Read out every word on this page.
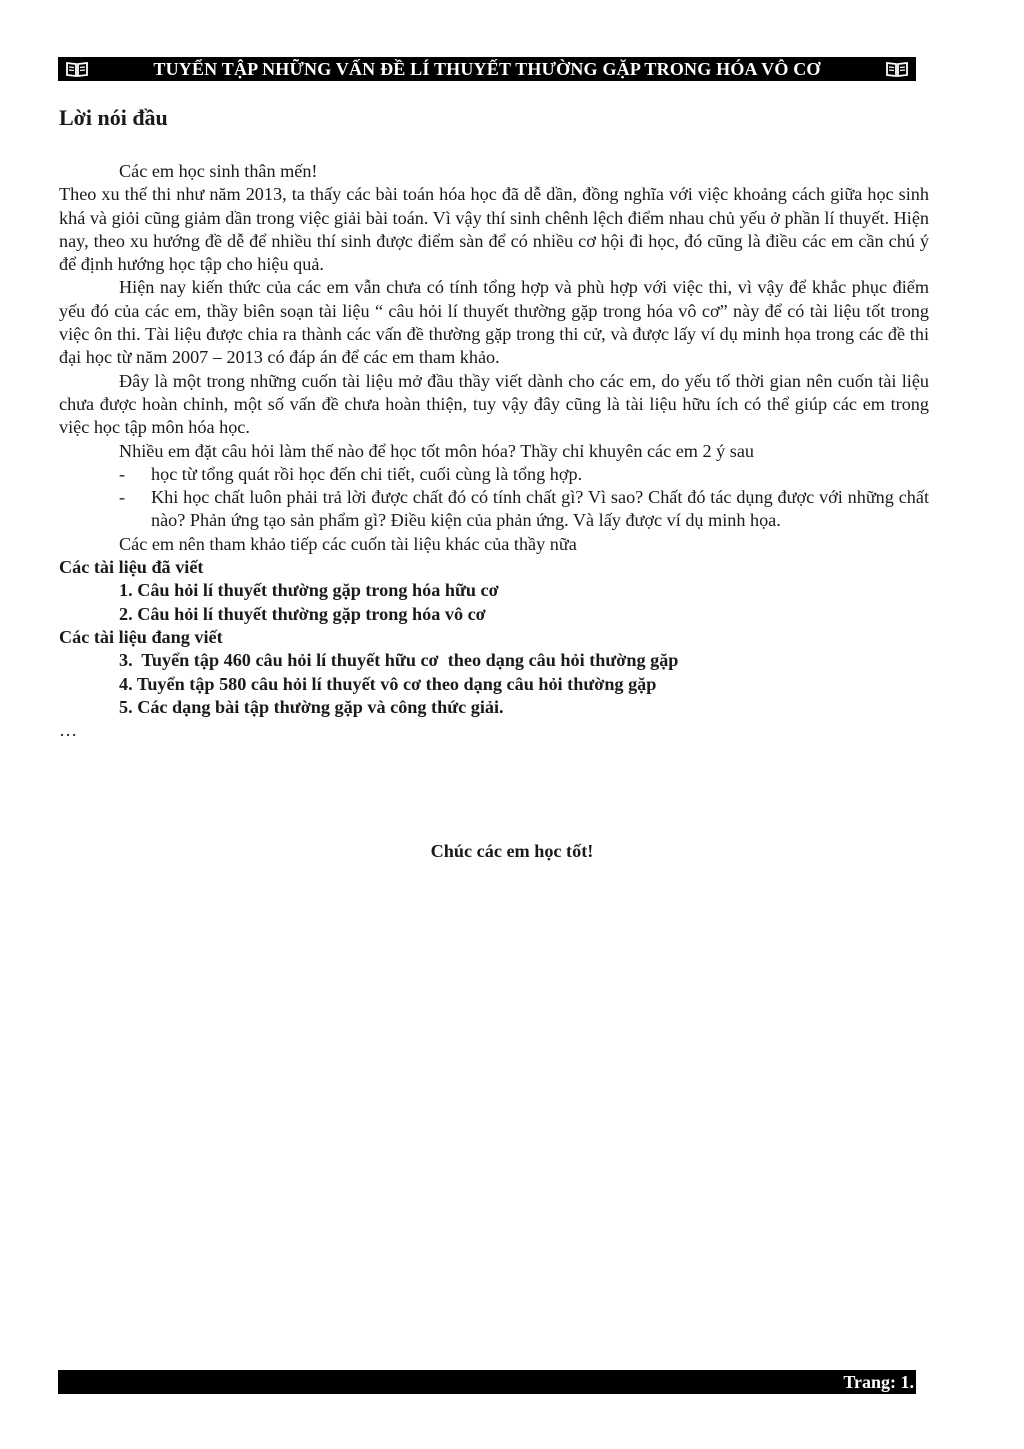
TUYỂN TẬP NHỮNG VẤN ĐỀ LÍ THUYẾT THƯỜNG GẶP TRONG HÓA VÔ CƠ
Lời nói đầu

Các em học sinh thân mến!

Theo xu thế thi như năm 2013, ta thấy các bài toán hóa học đã dễ dần, đồng nghĩa với việc khoảng cách giữa học sinh khá và giỏi cũng giảm dần trong việc giải bài toán. Vì vậy thí sinh chênh lệch điểm nhau chủ yếu ở phần lí thuyết. Hiện nay, theo xu hướng đề dễ để nhiều thí sinh được điểm sàn để có nhiều cơ hội đi học, đó cũng là điều các em cần chú ý để định hướng học tập cho hiệu quả.

Hiện nay kiến thức của các em vẫn chưa có tính tổng hợp và phù hợp với việc thi, vì vậy để khắc phục điểm yếu đó của các em, thầy biên soạn tài liệu “ câu hỏi lí thuyết thường gặp trong hóa vô cơ” này để có tài liệu tốt trong việc ôn thi. Tài liệu được chia ra thành các vấn đề thường gặp trong thi cử, và được lấy ví dụ minh họa trong các đề thi đại học từ năm 2007 – 2013 có đáp án để các em tham khảo.

Đây là một trong những cuốn tài liệu mở đầu thầy viết dành cho các em, do yếu tố thời gian nên cuốn tài liệu chưa được hoàn chỉnh, một số vấn đề chưa hoàn thiện, tuy vậy đây cũng là tài liệu hữu ích có thể giúp các em trong việc học tập môn hóa học.

Nhiều em đặt câu hỏi làm thế nào để học tốt môn hóa? Thầy chỉ khuyên các em 2 ý sau

- học từ tổng quát rồi học đến chi tiết, cuối cùng là tổng hợp.
- Khi học chất luôn phải trả lời được chất đó có tính chất gì? Vì sao? Chất đó tác dụng được với những chất nào? Phản ứng tạo sản phẩm gì? Điều kiện của phản ứng. Và lấy được ví dụ minh họa.

Các em nên tham khảo tiếp các cuốn tài liệu khác của thầy nữa

Các tài liệu đã viết

1. Câu hỏi lí thuyết thường gặp trong hóa hữu cơ
2. Câu hỏi lí thuyết thường gặp trong hóa vô cơ

Các tài liệu đang viết

3.  Tuyển tập 460 câu hỏi lí thuyết hữu cơ  theo dạng câu hỏi thường gặp
4. Tuyển tập 580 câu hỏi lí thuyết vô cơ theo dạng câu hỏi thường gặp
5. Các dạng bài tập thường gặp và công thức giải.

…

Chúc các em học tốt!
Trang: 1.
